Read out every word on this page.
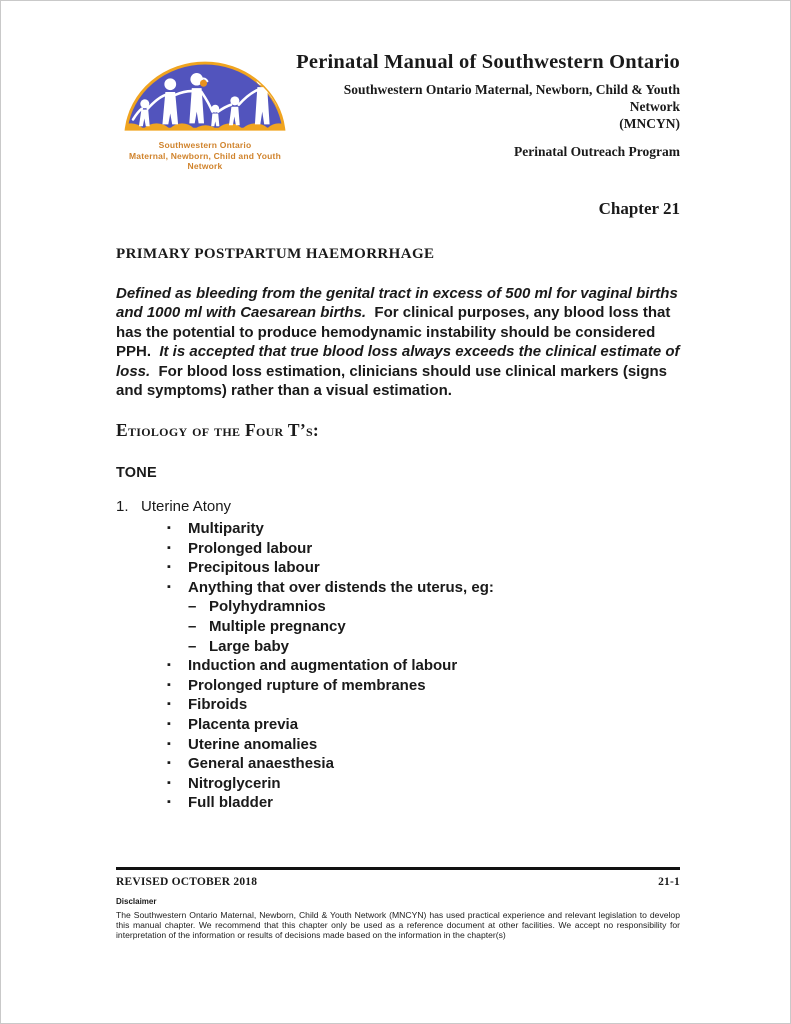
Southwestern Ontario
Maternal, Newborn, Child and Youth Network
Perinatal Manual of Southwestern Ontario
Southwestern Ontario Maternal, Newborn, Child & Youth Network
(MNCYN)
Perinatal Outreach Program
Chapter 21
PRIMARY POSTPARTUM HAEMORRHAGE

Defined as bleeding from the genital tract in excess of 500 ml for vaginal births and 1000 ml with Caesarean births.  For clinical purposes, any blood loss that has the potential to produce hemodynamic instability should be considered PPH.  It is accepted that true blood loss always exceeds the clinical estimate of loss.  For blood loss estimation, clinicians should use clinical markers (signs and symptoms) rather than a visual estimation.

Etiology of the Four T’s:
TONE
1. Uterine Atony
▪ Multiparity
▪ Prolonged labour
▪ Precipitous labour
▪ Anything that over distends the uterus, eg:
– Polyhydramnios
– Multiple pregnancy
– Large baby
▪ Induction and augmentation of labour
▪ Prolonged rupture of membranes
▪ Fibroids
▪ Placenta previa
▪ Uterine anomalies
▪ General anaesthesia
▪ Nitroglycerin
▪ Full bladder
REVISED OCTOBER 2018	21-1
Disclaimer
The Southwestern Ontario Maternal, Newborn, Child & Youth Network (MNCYN) has used practical experience and relevant legislation to develop this manual chapter. We recommend that this chapter only be used as a reference document at other facilities. We accept no responsibility for interpretation of the information or results of decisions made based on the information in the chapter(s)
